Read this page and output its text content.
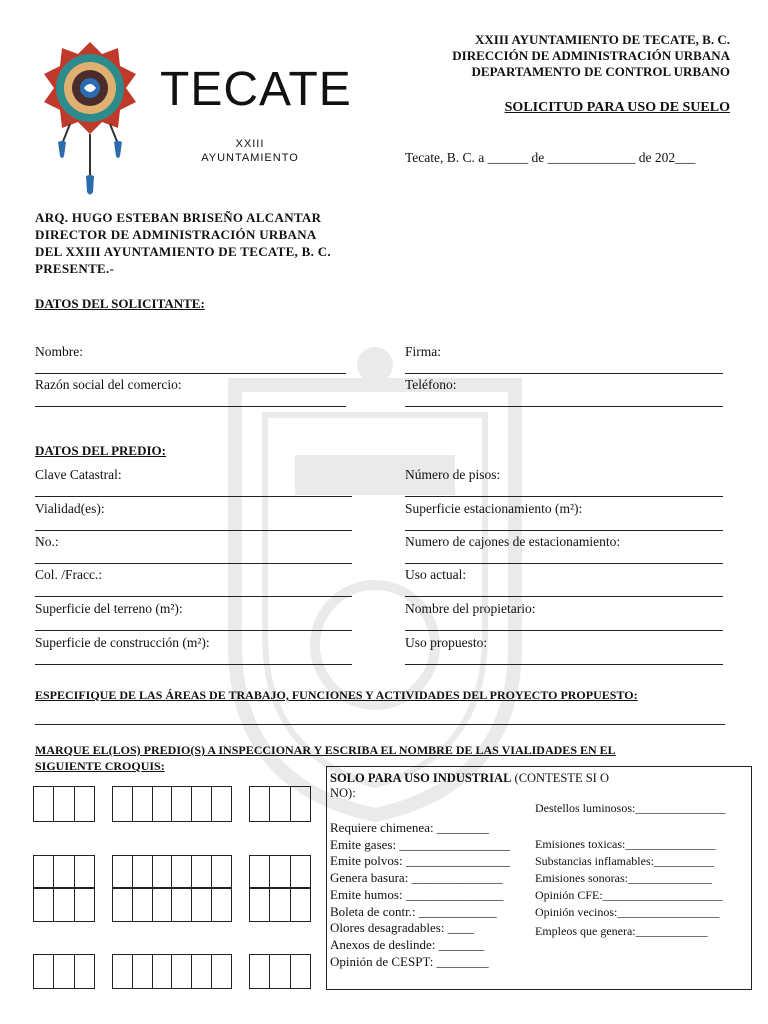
TECATE
XXIII
AYUNTAMIENTO
XXIII AYUNTAMIENTO DE TECATE, B. C.
DIRECCIÓN DE ADMINISTRACIÓN URBANA
DEPARTAMENTO DE CONTROL URBANO
SOLICITUD PARA USO DE SUELO
Tecate, B. C. a ______ de _____________ de 202___
ARQ. HUGO ESTEBAN BRISEÑO ALCANTAR
DIRECTOR DE ADMINISTRACIÓN URBANA
DEL XXIII AYUNTAMIENTO DE TECATE, B. C.
PRESENTE.-
DATOS DEL SOLICITANTE:
Nombre:	Firma:
Razón social del comercio:	Teléfono:
DATOS DEL PREDIO:
Clave Catastral:
Vialidad(es):
No.:
Col. /Fracc.:
Superficie del terreno (m²):
Superficie de construcción (m²):
Número de pisos:
Superficie estacionamiento (m²):
Numero de cajones de estacionamiento:
Uso actual:
Nombre del propietario:
Uso propuesto:
ESPECIFIQUE DE LAS ÁREAS DE TRABAJO, FUNCIONES Y ACTIVIDADES DEL PROYECTO PROPUESTO:
MARQUE EL(LOS) PREDIO(S) A INSPECCIONAR Y ESCRIBA EL NOMBRE DE LAS VIALIDADES EN EL
SIGUIENTE CROQUIS:
SOLO PARA USO INDUSTRIAL (CONTESTE SI O
NO):
Requiere chimenea: ________
Emite gases: _________________
Emite polvos: ________________
Genera basura: ______________
Emite humos: _______________
Boleta de contr.: ____________
Olores desagradables: ____
Anexos de deslinde: _______
Opinión de CESPT: ________
Destellos luminosos:_______________
Emisiones toxicas:_______________
Substancias inflamables:__________
Emisiones sonoras:______________
Opinión CFE:____________________
Opinión vecinos:_________________
Empleos que genera:____________
